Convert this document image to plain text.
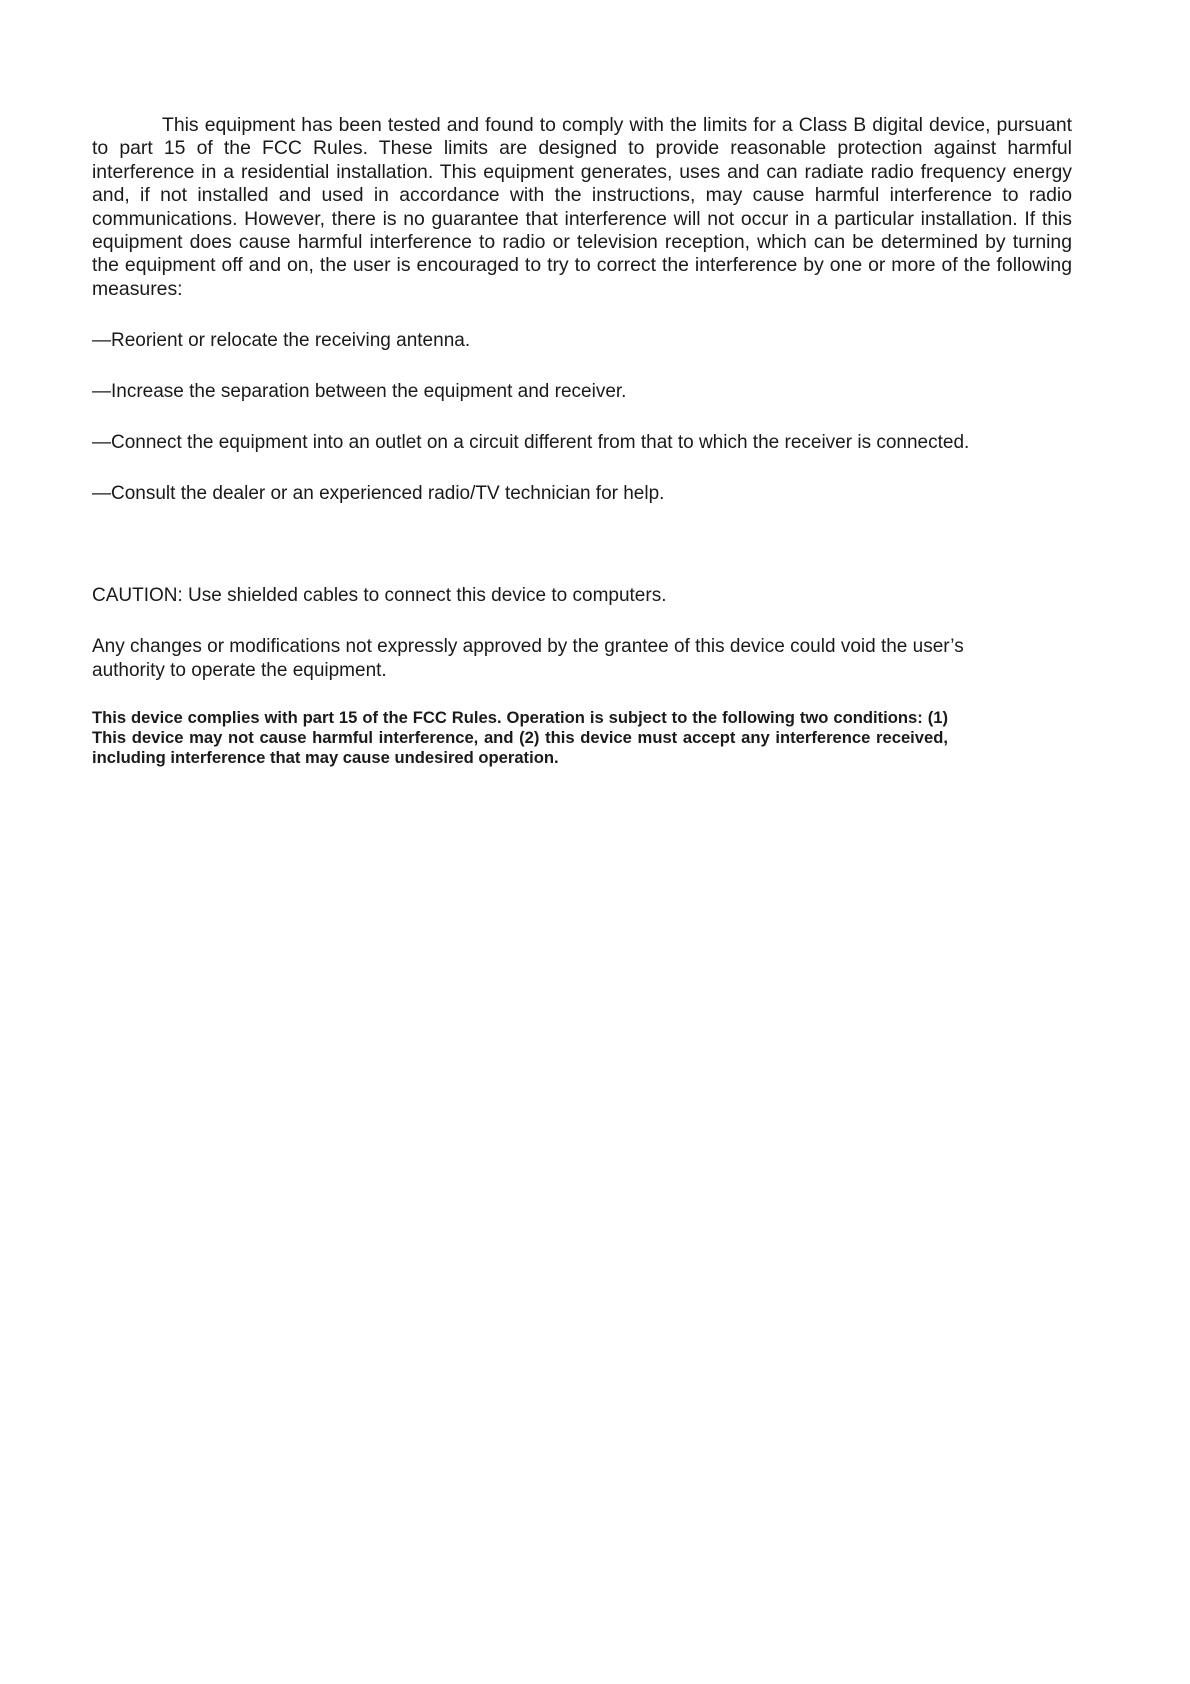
This equipment has been tested and found to comply with the limits for a Class B digital device, pursuant to part 15 of the FCC Rules. These limits are designed to provide reasonable protection against harmful interference in a residential installation. This equipment generates, uses and can radiate radio frequency energy and, if not installed and used in accordance with the instructions, may cause harmful interference to radio communications. However, there is no guarantee that interference will not occur in a particular installation. If this equipment does cause harmful interference to radio or television reception, which can be determined by turning the equipment off and on, the user is encouraged to try to correct the interference by one or more of the following measures:

—Reorient or relocate the receiving antenna.
—Increase the separation between the equipment and receiver.
—Connect the equipment into an outlet on a circuit different from that to which the receiver is connected.
—Consult the dealer or an experienced radio/TV technician for help.

CAUTION: Use shielded cables to connect this device to computers.

Any changes or modifications not expressly approved by the grantee of this device could void the user’s authority to operate the equipment.

This device complies with part 15 of the FCC Rules. Operation is subject to the following two conditions: (1) This device may not cause harmful interference, and (2) this device must accept any interference received, including interference that may cause undesired operation.
